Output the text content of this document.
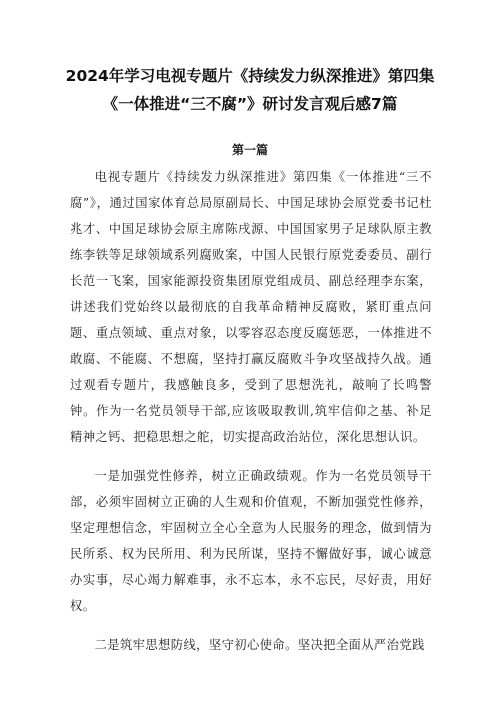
2024年学习电视专题片《持续发力纵深推进》第四集《一体推进“三不腐”》研讨发言观后感7篇
第一篇

电视专题片《持续发力纵深推进》第四集《一体推进“三不腐”》，通过国家体育总局原副局长、中国足球协会原党委书记杜兆才、中国足球协会原主席陈戌源、中国国家男子足球队原主教练李铁等足球领域系列腐败案，中国人民银行原党委委员、副行长范一飞案，国家能源投资集团原党组成员、副总经理李东案，讲述我们党始终以最彻底的自我革命精神反腐败，紧盯重点问题、重点领域、重点对象，以零容忍态度反腐惩恶，一体推进不敢腐、不能腐、不想腐，坚持打赢反腐败斗争攻坚战持久战。通过观看专题片，我感触良多，受到了思想洗礼，敲响了长鸣警钟。作为一名党员领导干部,应该吸取教训,筑牢信仰之基、补足精神之钙、把稳思想之舵，切实提高政治站位，深化思想认识。

一是加强党性修养，树立正确政绩观。作为一名党员领导干部，必须牢固树立正确的人生观和价值观，不断加强党性修养，坚定理想信念，牢固树立全心全意为人民服务的理念，做到情为民所系、权为民所用、利为民所谋，坚持不懈做好事，诚心诚意办实事，尽心竭力解难事，永不忘本，永不忘民，尽好责，用好权。

二是筑牢思想防线，坚守初心使命。坚决把全面从严治党践
